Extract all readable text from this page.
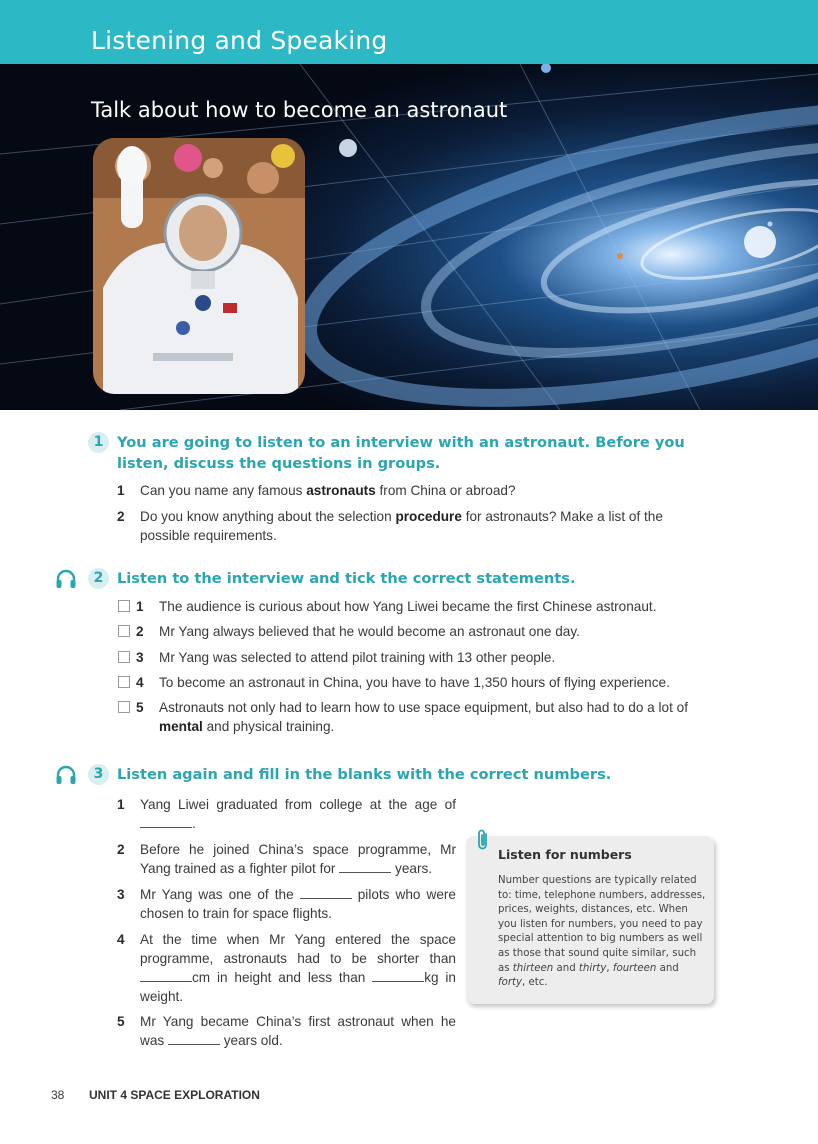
Listening and Speaking
Talk about how to become an astronaut
1 You are going to listen to an interview with an astronaut. Before you listen, discuss the questions in groups.
1 Can you name any famous astronauts from China or abroad?
2 Do you know anything about the selection procedure for astronauts? Make a list of the possible requirements.
2 Listen to the interview and tick the correct statements.
1 The audience is curious about how Yang Liwei became the first Chinese astronaut.
2 Mr Yang always believed that he would become an astronaut one day.
3 Mr Yang was selected to attend pilot training with 13 other people.
4 To become an astronaut in China, you have to have 1,350 hours of flying experience.
5 Astronauts not only had to learn how to use space equipment, but also had to do a lot of mental and physical training.
3 Listen again and fill in the blanks with the correct numbers.
1 Yang Liwei graduated from college at the age of .
2 Before he joined China’s space programme, Mr Yang trained as a fighter pilot for	years.
3 Mr Yang was one of the	pilots who were chosen to train for space flights.
4 At the time when Mr Yang entered the space programme, astronauts had to be shorter than cm in height and less than	kg in weight.
5 Mr Yang became China’s first astronaut when he was	years old.
Listen for numbers
Number questions are typically related to: time, telephone numbers, addresses, prices, weights, distances, etc. When you listen for numbers, you need to pay special attention to big numbers as well as those that sound quite similar, such as thirteen and thirty, fourteen and forty, etc.
38 UNIT 4 SPACE EXPLORATION
